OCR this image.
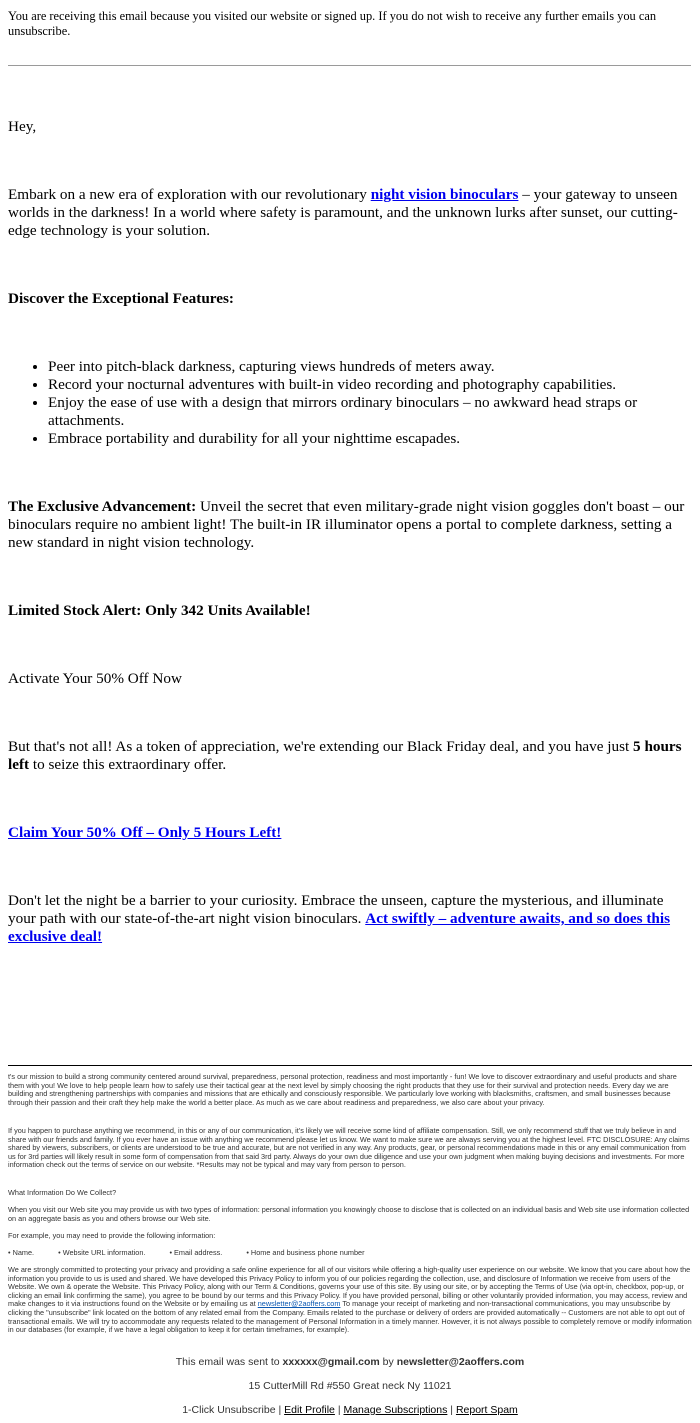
You are receiving this email because you visited our website or signed up. If you do not wish to receive any further emails you can unsubscribe.
Hey,
Embark on a new era of exploration with our revolutionary night vision binoculars – your gateway to unseen worlds in the darkness! In a world where safety is paramount, and the unknown lurks after sunset, our cutting-edge technology is your solution.
Discover the Exceptional Features:
• Peer into pitch-black darkness, capturing views hundreds of meters away.
• Record your nocturnal adventures with built-in video recording and photography capabilities.
• Enjoy the ease of use with a design that mirrors ordinary binoculars – no awkward head straps or attachments.
• Embrace portability and durability for all your nighttime escapades.
The Exclusive Advancement: Unveil the secret that even military-grade night vision goggles don't boast – our binoculars require no ambient light! The built-in IR illuminator opens a portal to complete darkness, setting a new standard in night vision technology.
Limited Stock Alert: Only 342 Units Available!
Activate Your 50% Off Now
But that's not all! As a token of appreciation, we're extending our Black Friday deal, and you have just 5 hours left to seize this extraordinary offer.
Claim Your 50% Off – Only 5 Hours Left!
Don't let the night be a barrier to your curiosity. Embrace the unseen, capture the mysterious, and illuminate your path with our state-of-the-art night vision binoculars. Act swiftly – adventure awaits, and so does this exclusive deal!
t's our mission to build a strong community centered around survival, preparedness, personal protection, readiness and most importantly - fun! We love to discover extraordinary and useful products and share them with you! We love to help people learn how to safely use their tactical gear at the next level by simply choosing the right products that they use for their survival and protection needs. Every day we are building and strengthening partnerships with companies and missions that are ethically and consciously responsible. We particularly love working with blacksmiths, craftsmen, and small businesses because through their passion and their craft they help make the world a better place. As much as we care about readiness and preparedness, we also care about your privacy.
If you happen to purchase anything we recommend, in this or any of our communication, it's likely we will receive some kind of affiliate compensation. Still, we only recommend stuff that we truly believe in and share with our friends and family. If you ever have an issue with anything we recommend please let us know. We want to make sure we are always serving you at the highest level. FTC DISCLOSURE: Any claims shared by viewers, subscribers, or clients are understood to be true and accurate, but are not verified in any way. Any products, gear, or personal recommendations made in this or any email communication from us for 3rd parties will likely result in some form of compensation from that said 3rd party. Always do your own due diligence and use your own judgment when making buying decisions and investments. For more information check out the terms of service on our website. *Results may not be typical and may vary from person to person.
What Information Do We Collect?
When you visit our Web site you may provide us with two types of information: personal information you knowingly choose to disclose that is collected on an individual basis and Web site use information collected on an aggregate basis as you and others browse our Web site.
For example, you may need to provide the following information:
• Name.	• Website URL information.	• Email address.	• Home and business phone number
We are strongly committed to protecting your privacy and providing a safe online experience for all of our visitors while offering a high-quality user experience on our website. We know that you care about how the information you provide to us is used and shared. We have developed this Privacy Policy to inform you of our policies regarding the collection, use, and disclosure of Information we receive from users of the Website. We own & operate the Website. This Privacy Policy, along with our Term & Conditions, governs your use of this site. By using our site, or by accepting the Terms of Use (via opt-in, checkbox, pop-up, or clicking an email link confirming the same), you agree to be bound by our terms and this Privacy Policy. If you have provided personal, billing or other voluntarily provided information, you may access, review and make changes to it via instructions found on the Website or by emailing us at newsletter@2aoffers.com To manage your receipt of marketing and non-transactional communications, you may unsubscribe by clicking the "unsubscribe" link located on the bottom of any related email from the Company. Emails related to the purchase or delivery of orders are provided automatically -- Customers are not able to opt out of transactional emails. We will try to accommodate any requests related to the management of Personal Information in a timely manner. However, it is not always possible to completely remove or modify information in our databases (for example, if we have a legal obligation to keep it for certain timeframes, for example).
This email was sent to xxxxxx@gmail.com by newsletter@2aoffers.com
15 CutterMill Rd #550 Great neck Ny 11021
1-Click Unsubscribe | Edit Profile | Manage Subscriptions | Report Spam
